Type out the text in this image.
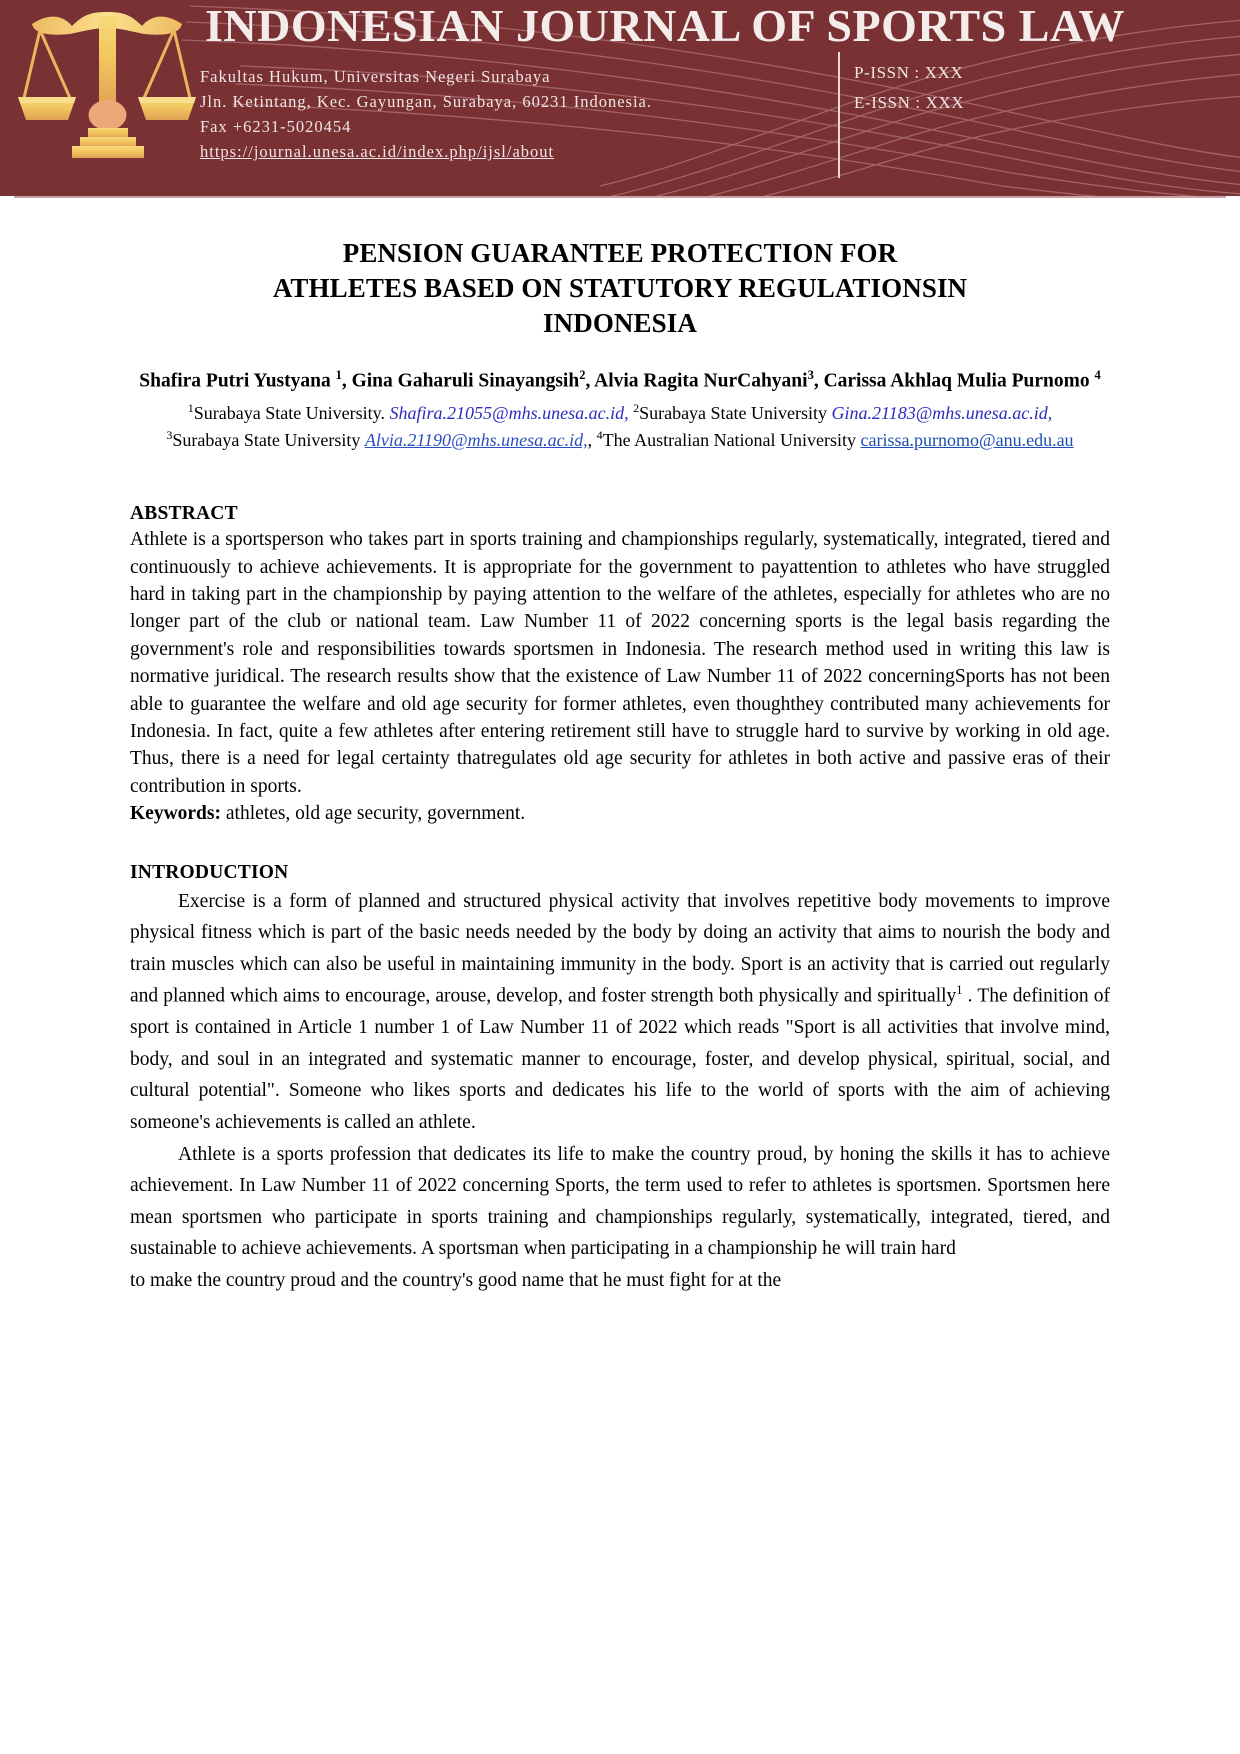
INDONESIAN JOURNAL OF SPORTS LAW
Fakultas Hukum, Universitas Negeri Surabaya
Jln. Ketintang, Kec. Gayungan, Surabaya, 60231 Indonesia.
Fax +6231-5020454
https://journal.unesa.ac.id/index.php/ijsl/about
P-ISSN : XXX
E-ISSN : XXX
PENSION GUARANTEE PROTECTION FOR
ATHLETES BASED ON STATUTORY REGULATIONSIN
INDONESIA
Shafira Putri Yustyana $^1$, Gina Gaharuli Sinayangsih$^2$, Alvia Ragita NurCahyani$^3$, Carissa Akhlaq Mulia Purnomo $^4$
$^1$Surabaya State University. Shafira.21055@mhs.unesa.ac.id, $^2$Surabaya State University Gina.21183@mhs.unesa.ac.id, $^3$Surabaya State University Alvia.21190@mhs.unesa.ac.id,, $^4$The Australian National University carissa.purnomo@anu.edu.au
ABSTRACT
Athlete is a sportsperson who takes part in sports training and championships regularly, systematically, integrated, tiered and continuously to achieve achievements. It is appropriate for the government to payattention to athletes who have struggled hard in taking part in the championship by paying attention to the welfare of the athletes, especially for athletes who are no longer part of the club or national team. Law Number 11 of 2022 concerning sports is the legal basis regarding the government's role and responsibilities towards sportsmen in Indonesia. The research method used in writing this law is normative juridical. The research results show that the existence of Law Number 11 of 2022 concerningSports has not been able to guarantee the welfare and old age security for former athletes, even thoughthey contributed many achievements for Indonesia. In fact, quite a few athletes after entering retirement still have to struggle hard to survive by working in old age. Thus, there is a need for legal certainty thatregulates old age security for athletes in both active and passive eras of their contribution in sports.
Keywords: athletes, old age security, government.
INTRODUCTION

Exercise is a form of planned and structured physical activity that involves repetitive body movements to improve physical fitness which is part of the basic needs needed by the body by doing an activity that aims to nourish the body and train muscles which can also be useful in maintaining immunity in the body. Sport is an activity that is carried out regularly and planned which aims to encourage, arouse, develop, and foster strength both physically and spiritually$^1$ . The definition of sport is contained in Article 1 number 1 of Law Number 11 of 2022 which reads "Sport is all activities that involve mind, body, and soul in an integrated and systematic manner to encourage, foster, and develop physical, spiritual, social, and cultural potential". Someone who likes sports and dedicates his life to the world of sports with the aim of achieving someone's achievements is called an athlete.

Athlete is a sports profession that dedicates its life to make the country proud, by honing the skills it has to achieve achievement. In Law Number 11 of 2022 concerning Sports, the term used to refer to athletes is sportsmen. Sportsmen here mean sportsmen who participate in sports training and championships regularly, systematically, integrated, tiered, and sustainable to achieve achievements. A sportsman when participating in a championship he will train hard

to make the country proud and the country's good name that he must fight for at the
